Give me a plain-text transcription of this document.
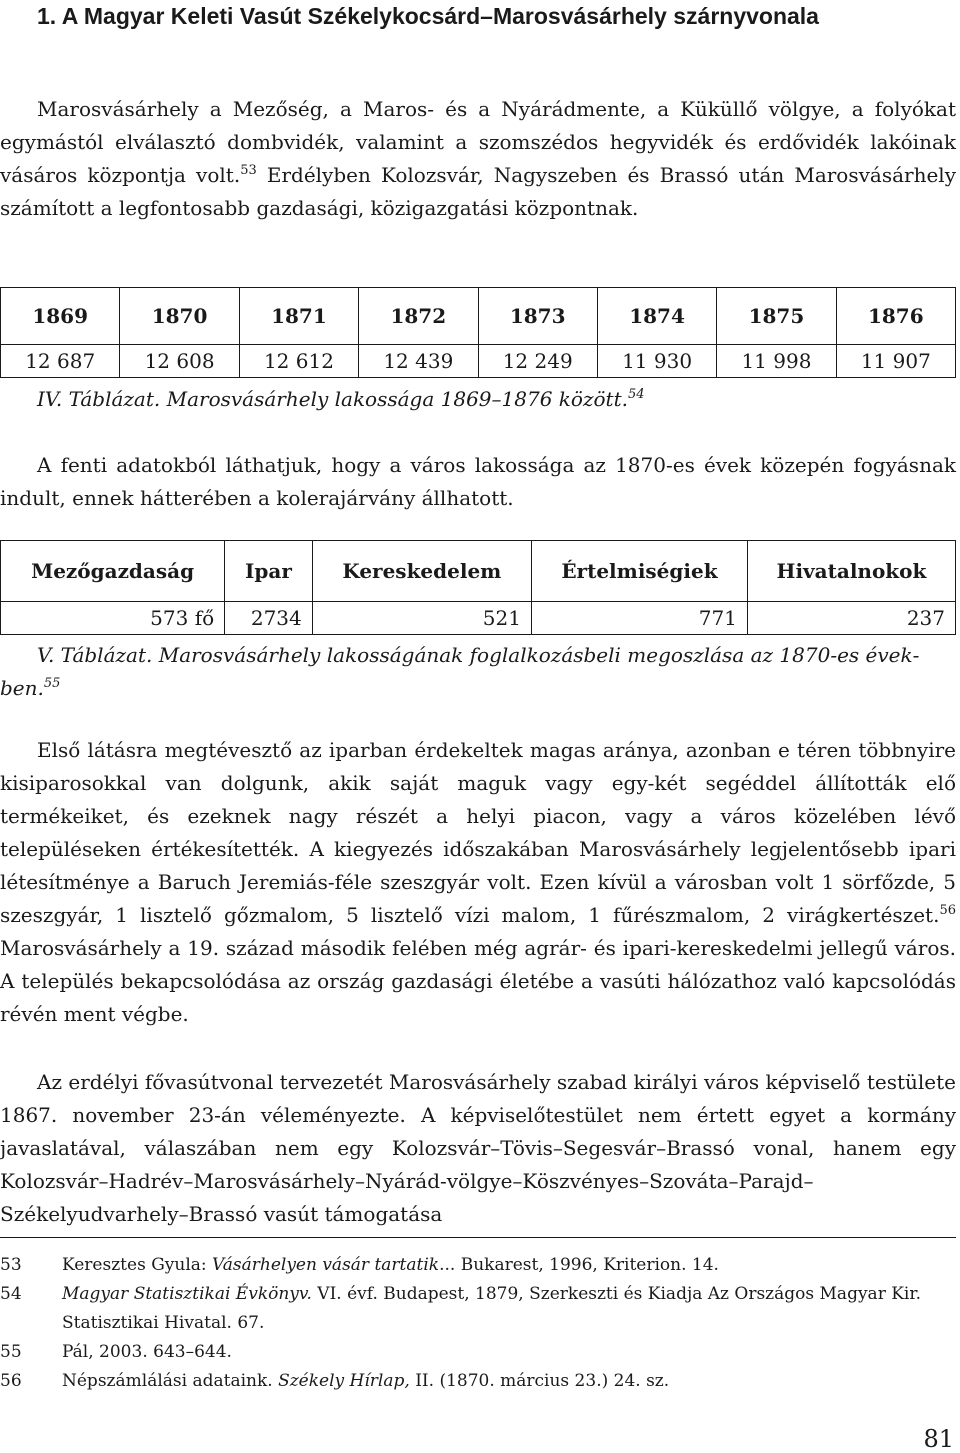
1. A Magyar Keleti Vasút Székelykocsárd–Marosvásárhely szárnyvonala

Marosvásárhely a Mezőség, a Maros- és a Nyárádmente, a Küküllő völgye, a folyókat egymástól elválasztó dombvidék, valamint a szomszédos hegyvidék és erdővidék lakóinak vásáros központja volt.$^{53}$ Erdélyben Kolozsvár, Nagyszeben és Brassó után Marosvásárhely számított a legfontosabb gazdasági, közigazgatási központnak.

1869	1870	1871	1872	1873	1874	1875	1876
12 687	12 608	12 612	12 439	12 249	11 930	11 998	11 907

IV. Táblázat. Marosvásárhely lakossága 1869–1876 között.$^{54}$

A fenti adatokból láthatjuk, hogy a város lakossága az 1870-es évek közepén fogyásnak indult, ennek hátterében a kolerajárvány állhatott.

Mezőgazdaság	Ipar	Kereskedelem	Értelmiségiek	Hivatalnokok
573 fő	2734	521	771	237

V. Táblázat. Marosvásárhely lakosságának foglalkozásbeli megoszlása az 1870-es években.$^{55}$

Első látásra megtévesztő az iparban érdekeltek magas aránya, azonban e téren többnyire kisiparosokkal van dolgunk, akik saját maguk vagy egy-két segéddel állították elő termékeiket, és ezeknek nagy részét a helyi piacon, vagy a város közelében lévő településeken értékesítették. A kiegyezés időszakában Marosvásárhely legjelentősebb ipari létesítménye a Baruch Jeremiás-féle szeszgyár volt. Ezen kívül a városban volt 1 sörfőzde, 5 szeszgyár, 1 lisztelő gőzmalom, 5 lisztelő vízi malom, 1 fűrészmalom, 2 virágkertészet.$^{56}$ Marosvásárhely a 19. század második felében még agrár- és ipari-kereskedelmi jellegű város. A település bekapcsolódása az ország gazdasági életébe a vasúti hálózathoz való kapcsolódás révén ment végbe.

Az erdélyi fővasútvonal tervezetét Marosvásárhely szabad királyi város képviselő testülete 1867. november 23-án véleményezte. A képviselőtestület nem értett egyet a kormány javaslatával, válaszában nem egy Kolozsvár–Tövis–Segesvár–Brassó vonal, hanem egy Kolozsvár–Hadrév–Marosvásárhely–Nyárád-völgye–Köszvényes–Szováta–Parajd–Székelyudvarhely–Brassó vasút támogatása

53	Keresztes Gyula: Vásárhelyen vásár tartatik... Bukarest, 1996, Kriterion. 14.
54	Magyar Statisztikai Évkönyv. VI. évf. Budapest, 1879, Szerkeszti és Kiadja Az Országos Magyar Kir. Statisztikai Hivatal. 67.
55	Pál, 2003. 643–644.
56	Népszámlálási adataink. Székely Hírlap, II. (1870. március 23.) 24. sz.
81
